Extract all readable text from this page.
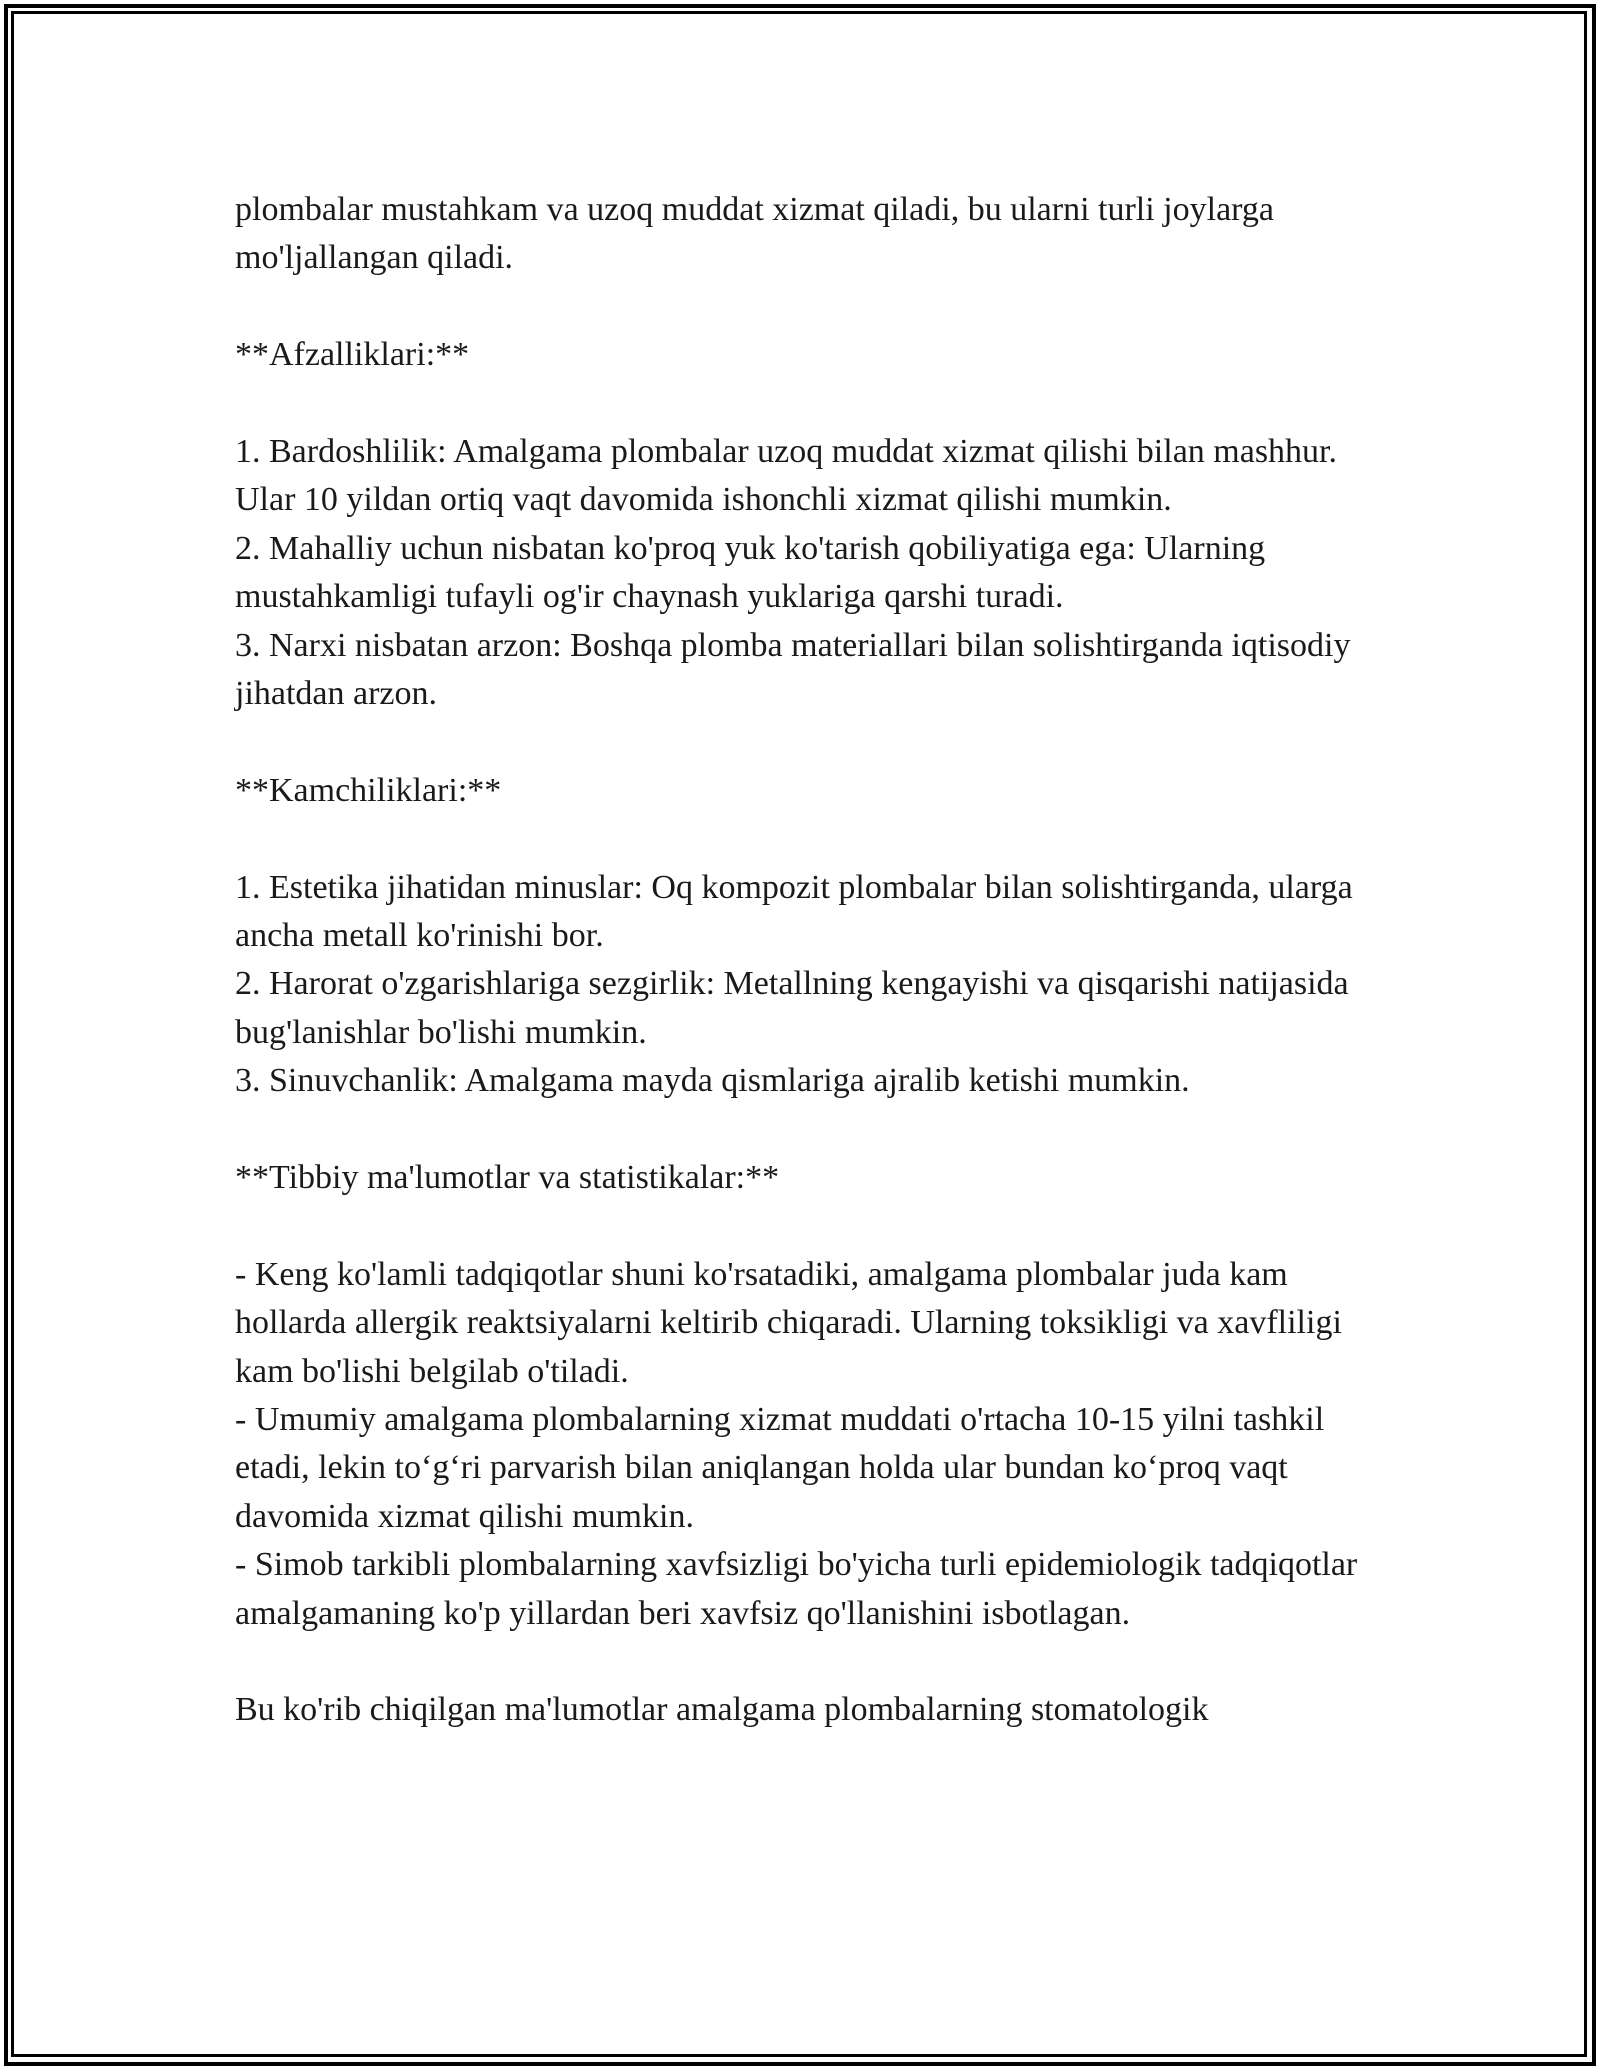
plombalar mustahkam va uzoq muddat xizmat qiladi, bu ularni turli joylarga mo'ljallangan qiladi.

**Afzalliklari:**

1. Bardoshlilik: Amalgama plombalar uzoq muddat xizmat qilishi bilan mashhur. Ular 10 yildan ortiq vaqt davomida ishonchli xizmat qilishi mumkin.
2. Mahalliy uchun nisbatan ko'proq yuk ko'tarish qobiliyatiga ega: Ularning mustahkamligi tufayli og'ir chaynash yuklariga qarshi turadi.
3. Narxi nisbatan arzon: Boshqa plomba materiallari bilan solishtirganda iqtisodiy jihatdan arzon.

**Kamchiliklari:**

1. Estetika jihatidan minuslar: Oq kompozit plombalar bilan solishtirganda, ularga ancha metall ko'rinishi bor.
2. Harorat o'zgarishlariga sezgirlik: Metallning kengayishi va qisqarishi natijasida bug'lanishlar bo'lishi mumkin.
3. Sinuvchanlik: Amalgama mayda qismlariga ajralib ketishi mumkin.

**Tibbiy ma'lumotlar va statistikalar:**

- Keng ko'lamli tadqiqotlar shuni ko'rsatadiki, amalgama plombalar juda kam hollarda allergik reaktsiyalarni keltirib chiqaradi. Ularning toksikligi va xavfliligi kam bo'lishi belgilab o'tiladi.
- Umumiy amalgama plombalarning xizmat muddati o'rtacha 10-15 yilni tashkil etadi, lekin to‘g‘ri parvarish bilan aniqlangan holda ular bundan ko‘proq vaqt davomida xizmat qilishi mumkin.
- Simob tarkibli plombalarning xavfsizligi bo'yicha turli epidemiologik tadqiqotlar amalgamaning ko'p yillardan beri xavfsiz qo'llanishini isbotlagan.

Bu ko'rib chiqilgan ma'lumotlar amalgama plombalarning stomatologik
